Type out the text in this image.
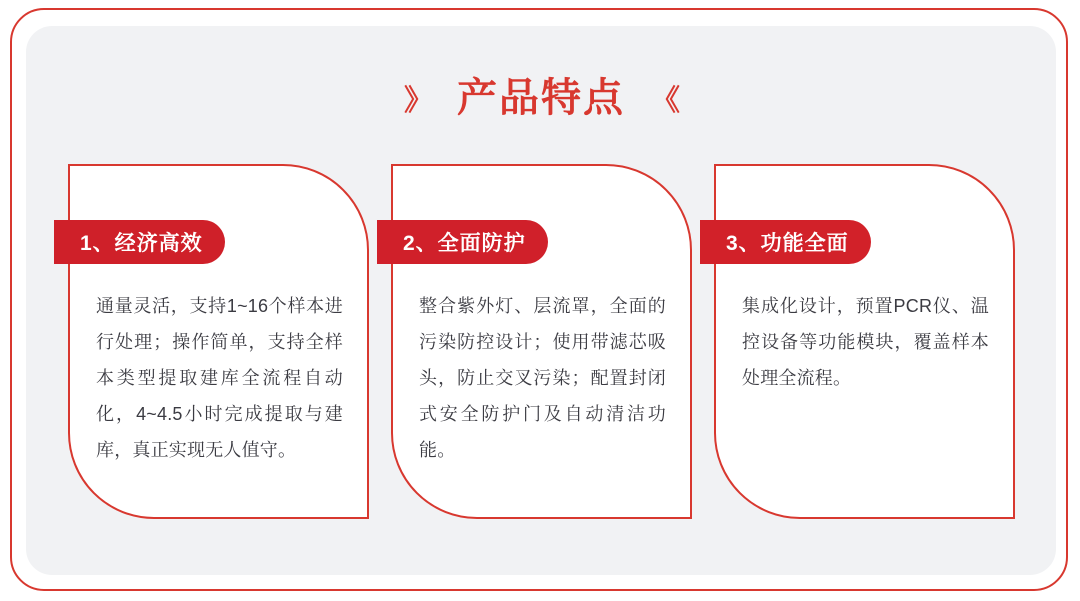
》 产品特点 《
1、经济高效
通量灵活，支持1~16个样本进行处理；操作简单，支持全样本类型提取建库全流程自动化，4~4.5小时完成提取与建库，真正实现无人值守。
2、全面防护
整合紫外灯、层流罩，全面的污染防控设计；使用带滤芯吸头，防止交叉污染；配置封闭式安全防护门及自动清洁功能。
3、功能全面
集成化设计，预置PCR仪、温控设备等功能模块，覆盖样本处理全流程。
